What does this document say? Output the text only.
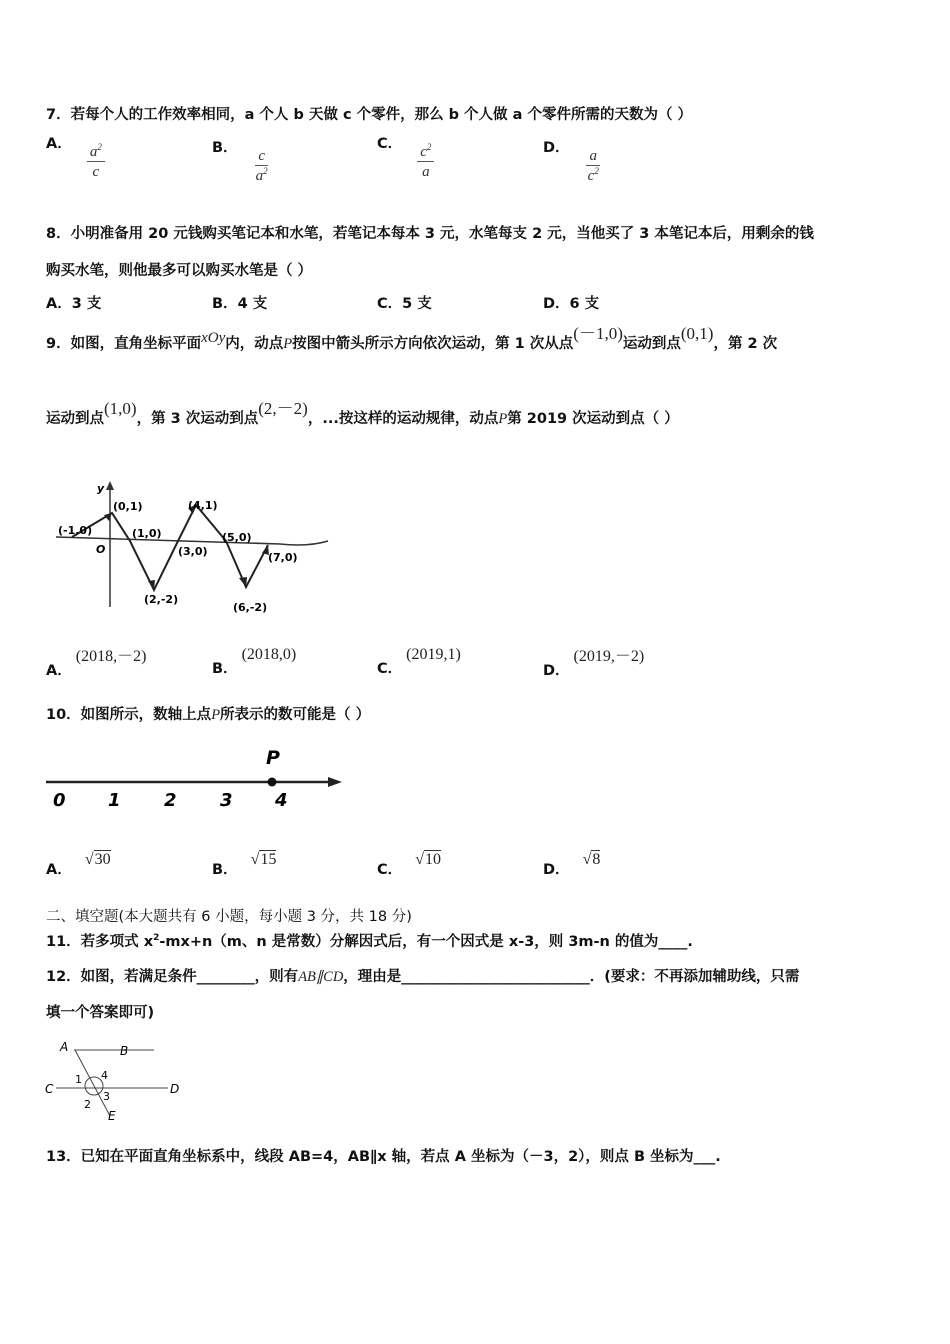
7．若每个人的工作效率相同，a 个人 b 天做 c 个零件，那么 b 个人做 a 个零件所需的天数为（ ）
A． $\frac{a^2}{c}$	B． $\frac{c}{a^2}$
C． $\frac{c^2}{a}$	D． $\frac{a}{c^2}$
8．小明准备用 20 元钱购买笔记本和水笔，若笔记本每本 3 元，水笔每支 2 元，当他买了 3 本笔记本后，用剩余的钱
购买水笔，则他最多可以购买水笔是（ ）
A．3 支	B．4 支	C．5 支	D．6 支
9．如图，直角坐标平面xOy内，动点P按图中箭头所示方向依次运动，第 1 次从点(－1,0)运动到点(0,1)，第 2 次
运动到点(1,0)，第 3 次运动到点(2,－2)，...按这样的运动规律，动点P第 2019 次运动到点（ ）
y
O
(-1,0)
(0,1)
(1,0)
(2,-2)
(3,0)
(4,1)
(5,0)
(6,-2)
(7,0)
A．(2018,－2)
B．(2018,0)
C．(2019,1)
D．(2019,－2)
10．如图所示，数轴上点P所表示的数可能是（ ）
P
0 1 2 3 4
A． √30
B． √15
C． √10
D． √8
二、填空题(本大题共有 6 小题，每小题 3 分，共 18 分)
11．若多项式 $x^2-mx+n(m$、n 是常数）分解因式后，有一个因式是 x-3，则 3m-n 的值为____.
12．如图，若满足条件________，则有AB∥CD，理由是__________________________．(要求：不再添加辅助线，只需
填一个答案即可)
A	B
C	D
E
1
2
3
4
13．已知在平面直角坐标系中，线段 AB=4，AB∥x 轴，若点 A 坐标为（－3，2），则点 B 坐标为___.
